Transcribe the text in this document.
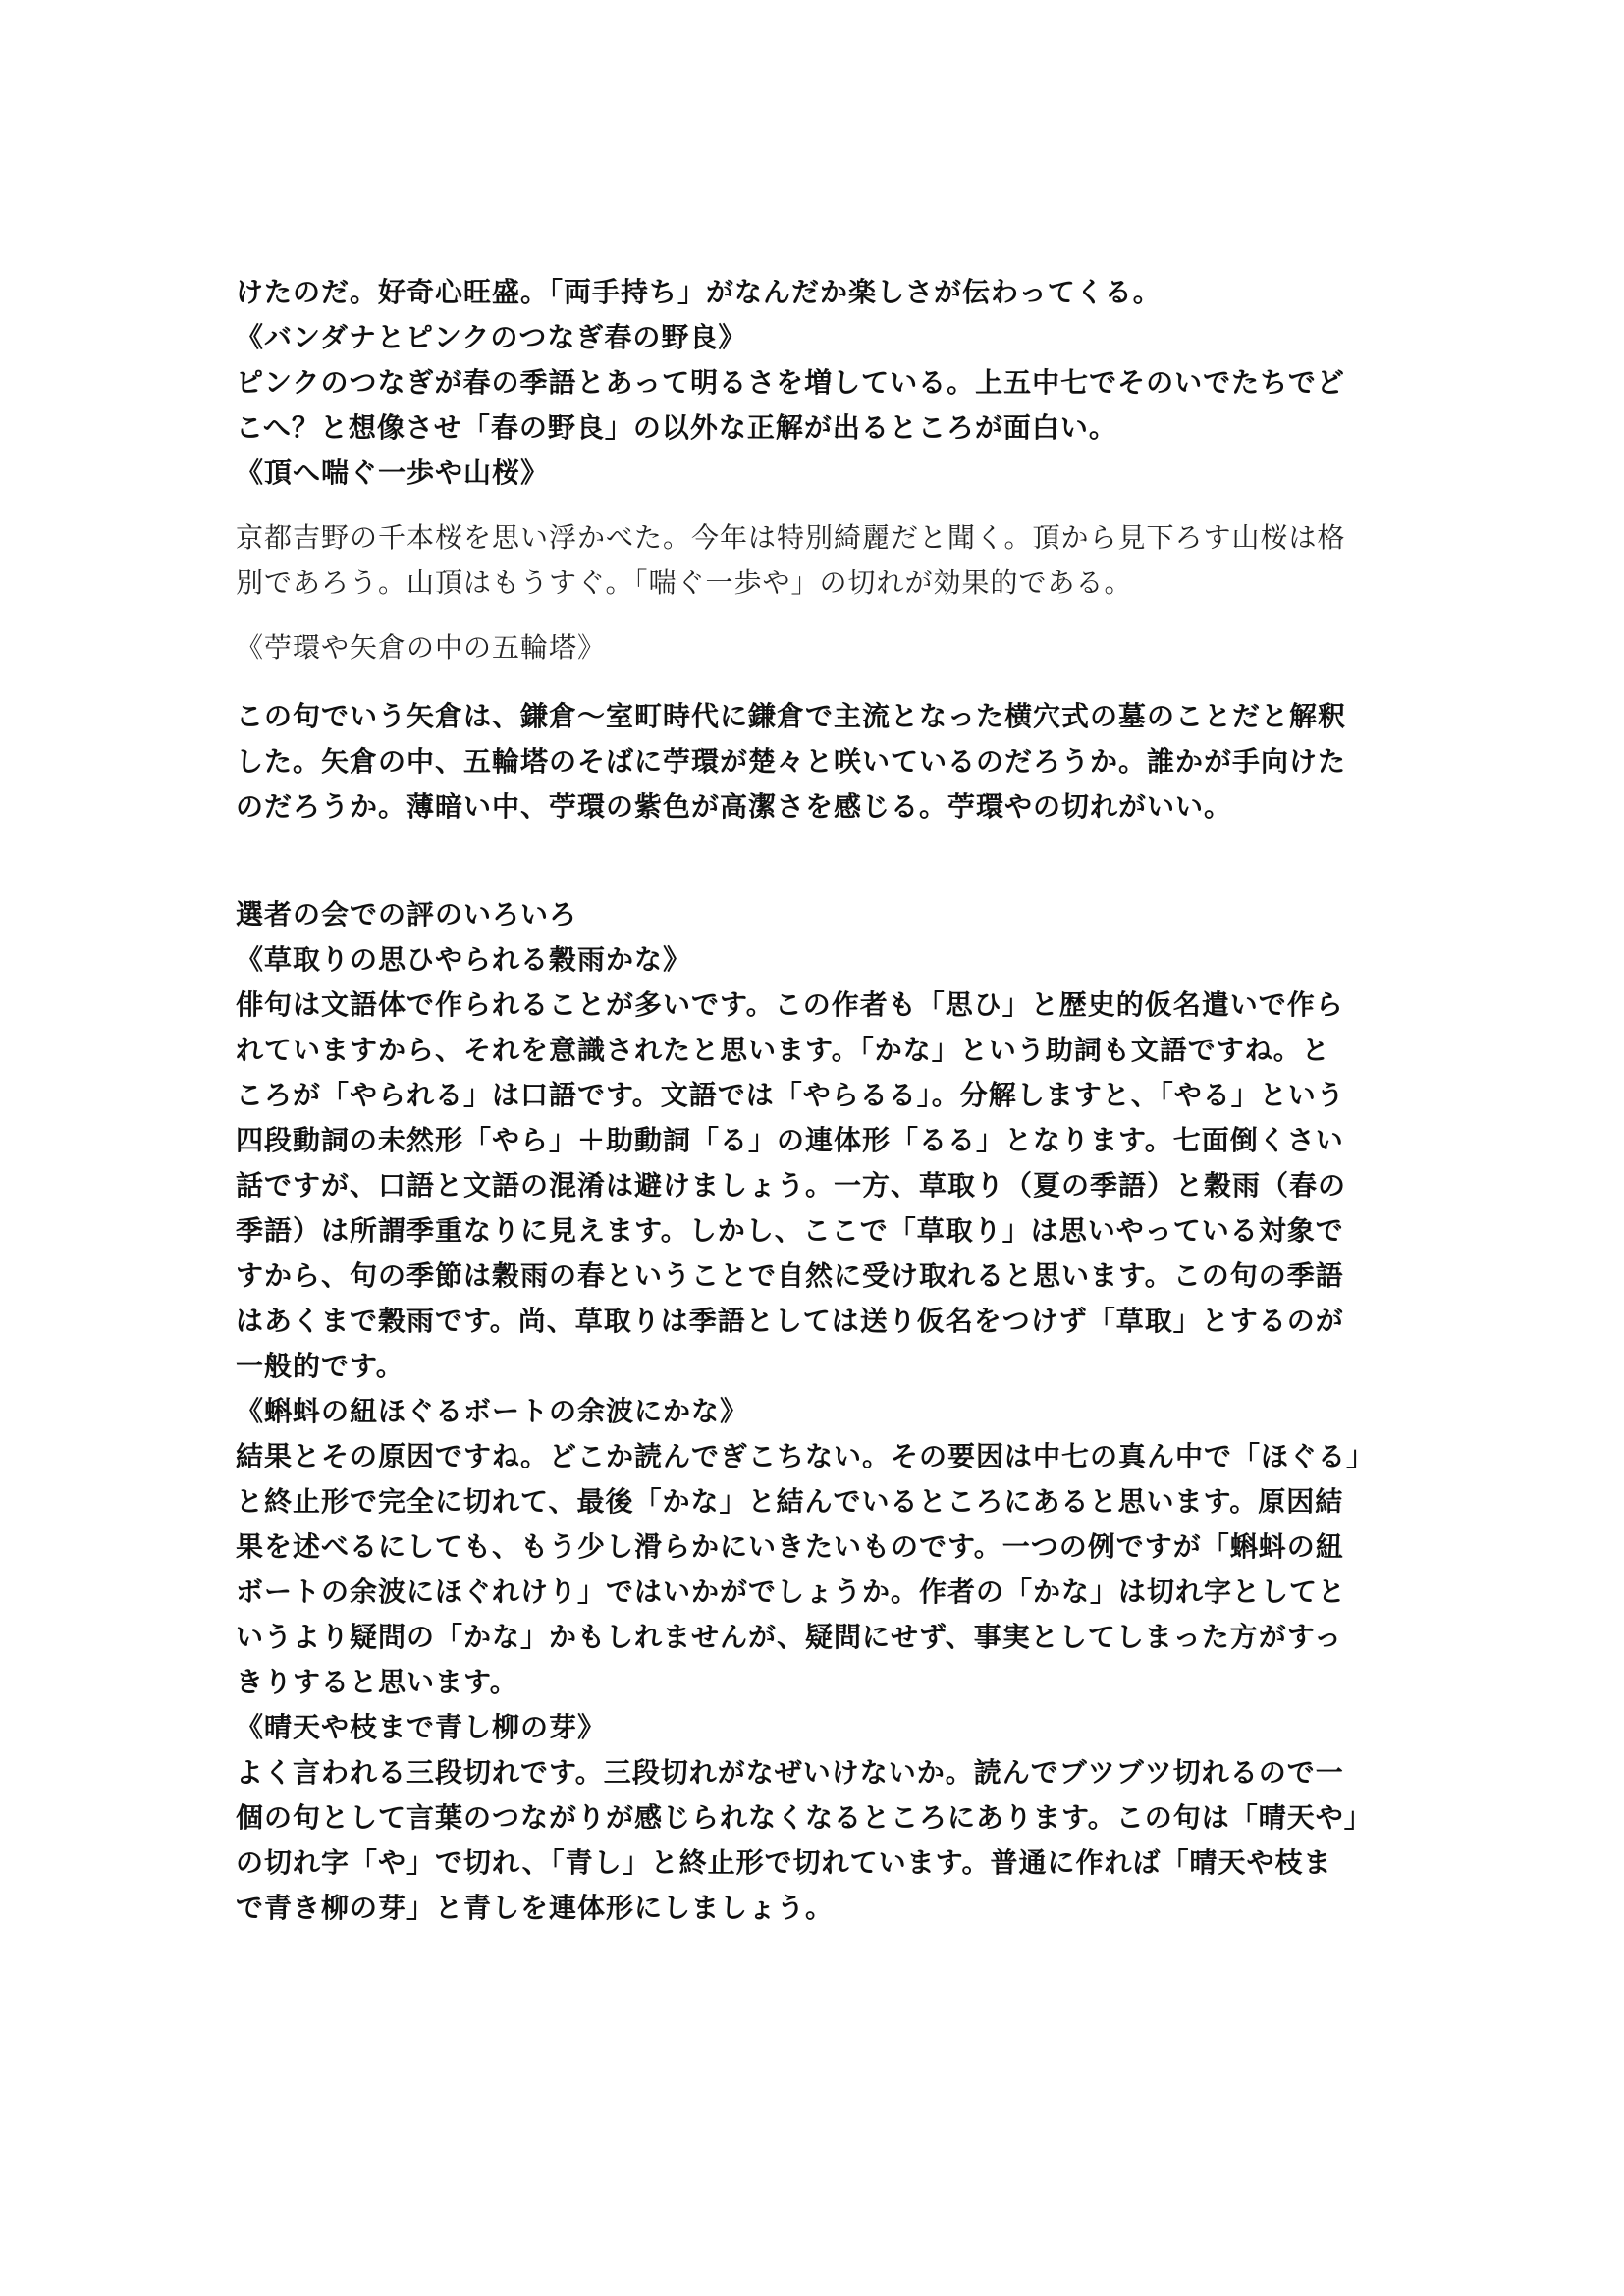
けたのだ。好奇心旺盛。「両手持ち」がなんだか楽しさが伝わってくる。

《バンダナとピンクのつなぎ春の野良》

ピンクのつなぎが春の季語とあって明るさを増している。上五中七でそのいでたちでど

こへ？と想像させ「春の野良」の以外な正解が出るところが面白い。

《頂へ喘ぐ一歩や山桜》

京都吉野の千本桜を思い浮かべた。今年は特別綺麗だと聞く。頂から見下ろす山桜は格

別であろう。山頂はもうすぐ。「喘ぐ一歩や」の切れが効果的である。

《苧環や矢倉の中の五輪塔》

この句でいう矢倉は、鎌倉～室町時代に鎌倉で主流となった横穴式の墓のことだと解釈

した。矢倉の中、五輪塔のそばに苧環が楚々と咲いているのだろうか。誰かが手向けた

のだろうか。薄暗い中、苧環の紫色が高潔さを感じる。苧環やの切れがいい。

選者の会での評のいろいろ

《草取りの思ひやられる穀雨かな》

俳句は文語体で作られることが多いです。この作者も「思ひ」と歴史的仮名遣いで作ら

れていますから、それを意識されたと思います。「かな」という助詞も文語ですね。と

ころが「やられる」は口語です。文語では「やらるる」。分解しますと、「やる」という

四段動詞の未然形「やら」＋助動詞「る」の連体形「るる」となります。七面倒くさい

話ですが、口語と文語の混淆は避けましょう。一方、草取り（夏の季語）と穀雨（春の

季語）は所謂季重なりに見えます。しかし、ここで「草取り」は思いやっている対象で

すから、句の季節は穀雨の春ということで自然に受け取れると思います。この句の季語

はあくまで穀雨です。尚、草取りは季語としては送り仮名をつけず「草取」とするのが

一般的です。

《蝌蚪の紐ほぐるボートの余波にかな》

結果とその原因ですね。どこか読んでぎこちない。その要因は中七の真ん中で「ほぐる」

と終止形で完全に切れて、最後「かな」と結んでいるところにあると思います。原因結

果を述べるにしても、もう少し滑らかにいきたいものです。一つの例ですが「蝌蚪の紐

ボートの余波にほぐれけり」ではいかがでしょうか。作者の「かな」は切れ字としてと

いうより疑問の「かな」かもしれませんが、疑問にせず、事実としてしまった方がすっ

きりすると思います。

《晴天や枝まで青し柳の芽》

よく言われる三段切れです。三段切れがなぜいけないか。読んでブツブツ切れるので一

個の句として言葉のつながりが感じられなくなるところにあります。この句は「晴天や」

の切れ字「や」で切れ、「青し」と終止形で切れています。普通に作れば「晴天や枝ま

で青き柳の芽」と青しを連体形にしましょう。
